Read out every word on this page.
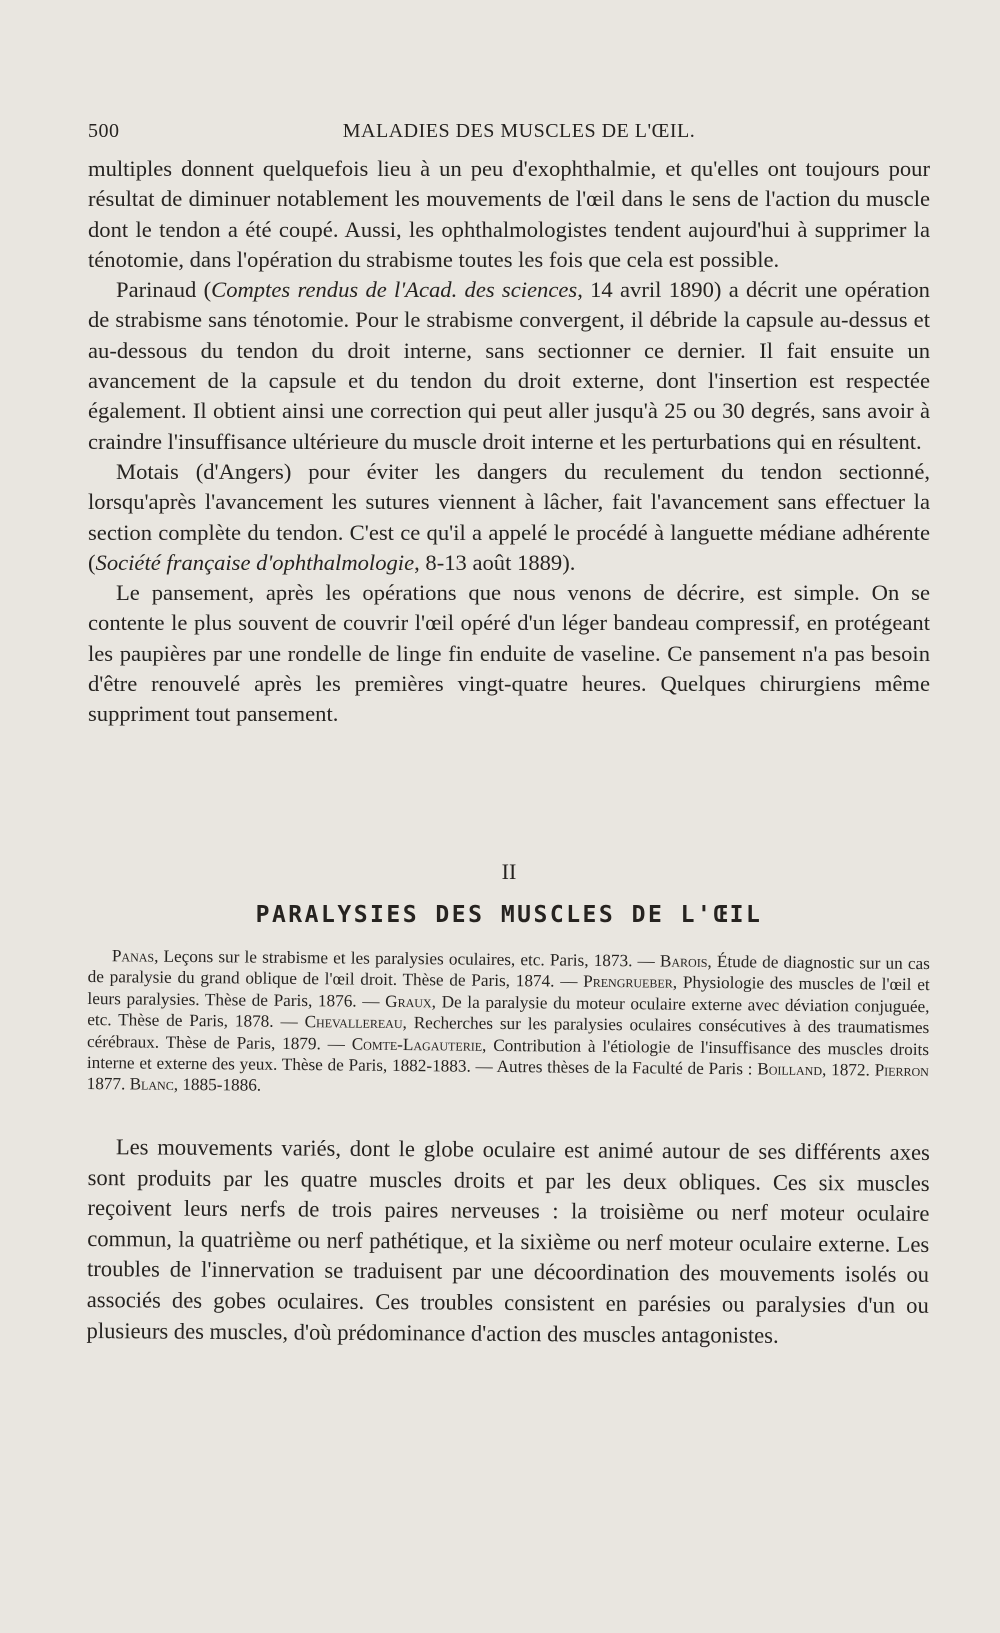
500	MALADIES DES MUSCLES DE L'ŒIL.

multiples donnent quelquefois lieu à un peu d'exophthalmie, et qu'elles ont toujours pour résultat de diminuer notablement les mouvements de l'œil dans le sens de l'action du muscle dont le tendon a été coupé. Aussi, les ophthalmologistes tendent aujourd'hui à supprimer la ténotomie, dans l'opération du strabisme toutes les fois que cela est possible.

Parinaud (Comptes rendus de l'Acad. des sciences, 14 avril 1890) a décrit une opération de strabisme sans ténotomie. Pour le strabisme convergent, il débride la capsule au-dessus et au-dessous du tendon du droit interne, sans sectionner ce dernier. Il fait ensuite un avancement de la capsule et du tendon du droit externe, dont l'insertion est respectée également. Il obtient ainsi une correction qui peut aller jusqu'à 25 ou 30 degrés, sans avoir à craindre l'insuffisance ultérieure du muscle droit interne et les perturbations qui en résultent.

Motais (d'Angers) pour éviter les dangers du reculement du tendon sectionné, lorsqu'après l'avancement les sutures viennent à lâcher, fait l'avancement sans effectuer la section complète du tendon. C'est ce qu'il a appelé le procédé à languette médiane adhérente (Société française d'ophthalmologie, 8-13 août 1889).

Le pansement, après les opérations que nous venons de décrire, est simple. On se contente le plus souvent de couvrir l'œil opéré d'un léger bandeau compressif, en protégeant les paupières par une rondelle de linge fin enduite de vaseline. Ce pansement n'a pas besoin d'être renouvelé après les premières vingt-quatre heures. Quelques chirurgiens même suppriment tout pansement.

II
PARALYSIES DES MUSCLES DE L'ŒIL

Panas, Leçons sur le strabisme et les paralysies oculaires, etc. Paris, 1873. — Barois, Étude de diagnostic sur un cas de paralysie du grand oblique de l'œil droit. Thèse de Paris, 1874. — Prengrueber, Physiologie des muscles de l'œil et leurs paralysies. Thèse de Paris, 1876. — Graux, De la paralysie du moteur oculaire externe avec déviation conjuguée, etc. Thèse de Paris, 1878. — Chevallereau, Recherches sur les paralysies oculaires consécutives à des traumatismes cérébraux. Thèse de Paris, 1879. — Comte-Lagauterie, Contribution à l'étiologie de l'insuffisance des muscles droits interne et externe des yeux. Thèse de Paris, 1882-1883. — Autres thèses de la Faculté de Paris : Boilland, 1872. Pierron 1877. Blanc, 1885-1886.

Les mouvements variés, dont le globe oculaire est animé autour de ses différents axes sont produits par les quatre muscles droits et par les deux obliques. Ces six muscles reçoivent leurs nerfs de trois paires nerveuses : la troisième ou nerf moteur oculaire commun, la quatrième ou nerf pathétique, et la sixième ou nerf moteur oculaire externe. Les troubles de l'innervation se traduisent par une décoordination des mouvements isolés ou associés des gobes oculaires. Ces troubles consistent en parésies ou paralysies d'un ou plusieurs des muscles, d'où prédominance d'action des muscles antagonistes.
